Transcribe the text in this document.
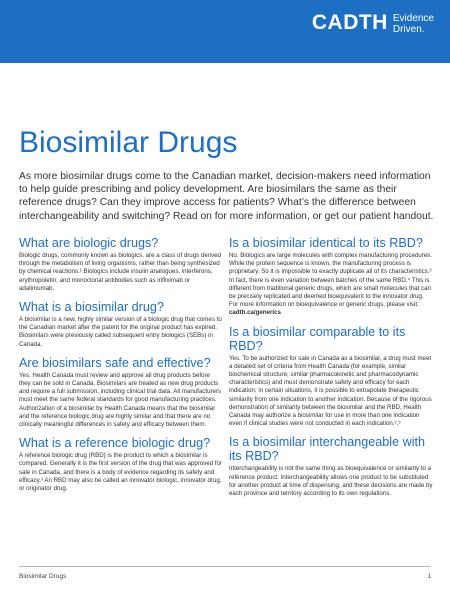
CADTH Evidence
Driven.
Biosimilar Drugs

As more biosimilar drugs come to the Canadian market, decision-makers need information to help guide prescribing and policy development. Are biosimilars the same as their reference drugs? Can they improve access for patients? What’s the difference between interchangeability and switching? Read on for more information, or get our patient handout.

What are biologic drugs?

Biologic drugs, commonly known as biologics, are a class of drugs derived through the metabolism of living organisms, rather than being synthesized by chemical reactions.¹ Biologics include insulin analogues, interferons, erythropoietin, and monoclonal antibodies such as infliximab or adalimumab.

What is a biosimilar drug?

A biosimilar is a new, highly similar version of a biologic drug that comes to the Canadian market after the patent for the original product has expired. Biosimilars were previously called subsequent entry biologics (SEBs) in Canada.

Are biosimilars safe and effective?

Yes. Health Canada must review and approve all drug products before they can be sold in Canada. Biosimilars are treated as new drug products and require a full submission, including clinical trial data. All manufacturers must meet the same federal standards for good manufacturing practices. Authorization of a biosimilar by Health Canada means that the biosimilar and the reference biologic drug are highly similar and that there are no clinically meaningful differences in safety and efficacy between them.

What is a reference biologic drug?

A reference biologic drug (RBD) is the product to which a biosimilar is compared. Generally it is the first version of the drug that was approved for sale in Canada, and there is a body of evidence regarding its safety and efficacy.³ An RBD may also be called an innovator biologic, innovator drug, or originator drug.

Is a biosimilar identical to its RBD?

No. Biologics are large molecules with complex manufacturing procedures. While the protein sequence is known, the manufacturing process is proprietary. So it is impossible to exactly duplicate all of its characteristics.² In fact, there is even variation between batches of the same RBD.⁴ This is different from traditional generic drugs, which are small molecules that can be precisely replicated and deemed bioequivalent to the innovator drug. For more information on bioequivalence or generic drugs, please visit: cadth.ca/generics.

Is a biosimilar comparable to its RBD?

Yes. To be authorized for sale in Canada as a biosimilar, a drug must meet a detailed set of criteria from Health Canada (for example, similar biochemical structure; similar pharmacokinetic and pharmacodynamic characteristics) and must demonstrate safety and efficacy for each indication; in certain situations, it is possible to extrapolate therapeutic similarity from one indication to another indication. Because of the rigorous demonstration of similarity between the biosimilar and the RBD, Health Canada may authorize a biosimilar for use in more than one indication even if clinical studies were not conducted in each indication.²,⁵

Is a biosimilar interchangeable with its RBD?

Interchangeability is not the same thing as bioequivalence or similarity to a reference product. Interchangeability allows one product to be substituted for another product at time of dispensing, and these decisions are made by each province and territory according to its own regulations.

Biosimilar Drugs	1
